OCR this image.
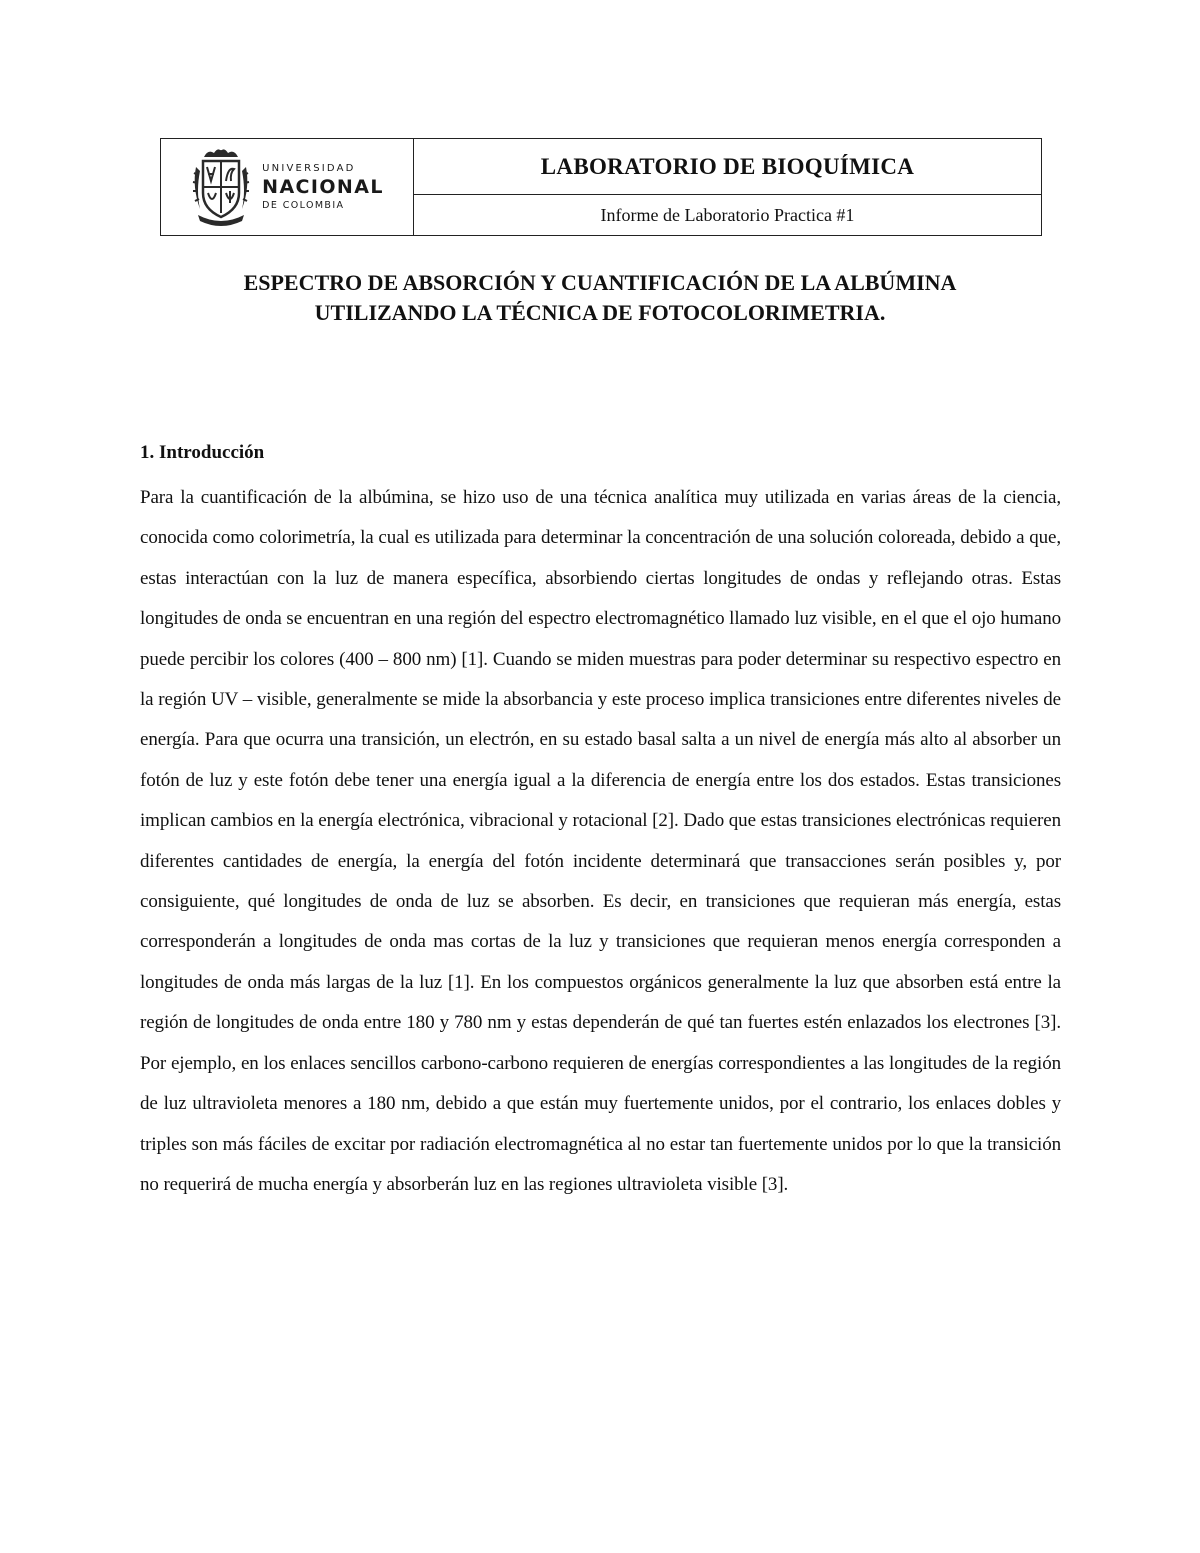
UNIVERSIDAD
NACIONAL
DE COLOMBIA
LABORATORIO DE BIOQUÍMICA
Informe de Laboratorio Practica #1
ESPECTRO DE ABSORCIÓN Y CUANTIFICACIÓN DE LA ALBÚMINA
UTILIZANDO LA TÉCNICA DE FOTOCOLORIMETRIA.
1. Introducción

Para la cuantificación de la albúmina, se hizo uso de una técnica analítica muy utilizada en varias áreas de la ciencia, conocida como colorimetría, la cual es utilizada para determinar la concentración de una solución coloreada, debido a que, estas interactúan con la luz de manera específica, absorbiendo ciertas longitudes de ondas y reflejando otras. Estas longitudes de onda se encuentran en una región del espectro electromagnético llamado luz visible, en el que el ojo humano puede percibir los colores (400 – 800 nm) [1]. Cuando se miden muestras para poder determinar su respectivo espectro en la región UV – visible, generalmente se mide la absorbancia y este proceso implica transiciones entre diferentes niveles de energía. Para que ocurra una transición, un electrón, en su estado basal salta a un nivel de energía más alto al absorber un fotón de luz y este fotón debe tener una energía igual a la diferencia de energía entre los dos estados. Estas transiciones implican cambios en la energía electrónica, vibracional y rotacional [2]. Dado que estas transiciones electrónicas requieren diferentes cantidades de energía, la energía del fotón incidente determinará que transacciones serán posibles y, por consiguiente, qué longitudes de onda de luz se absorben. Es decir, en transiciones que requieran más energía, estas corresponderán a longitudes de onda mas cortas de la luz y transiciones que requieran menos energía corresponden a longitudes de onda más largas de la luz [1]. En los compuestos orgánicos generalmente la luz que absorben está entre la región de longitudes de onda entre 180 y 780 nm y estas dependerán de qué tan fuertes estén enlazados los electrones [3]. Por ejemplo, en los enlaces sencillos carbono-carbono requieren de energías correspondientes a las longitudes de la región de luz ultravioleta menores a 180 nm, debido a que están muy fuertemente unidos, por el contrario, los enlaces dobles y triples son más fáciles de excitar por radiación electromagnética al no estar tan fuertemente unidos por lo que la transición no requerirá de mucha energía y absorberán luz en las regiones ultravioleta visible [3].
